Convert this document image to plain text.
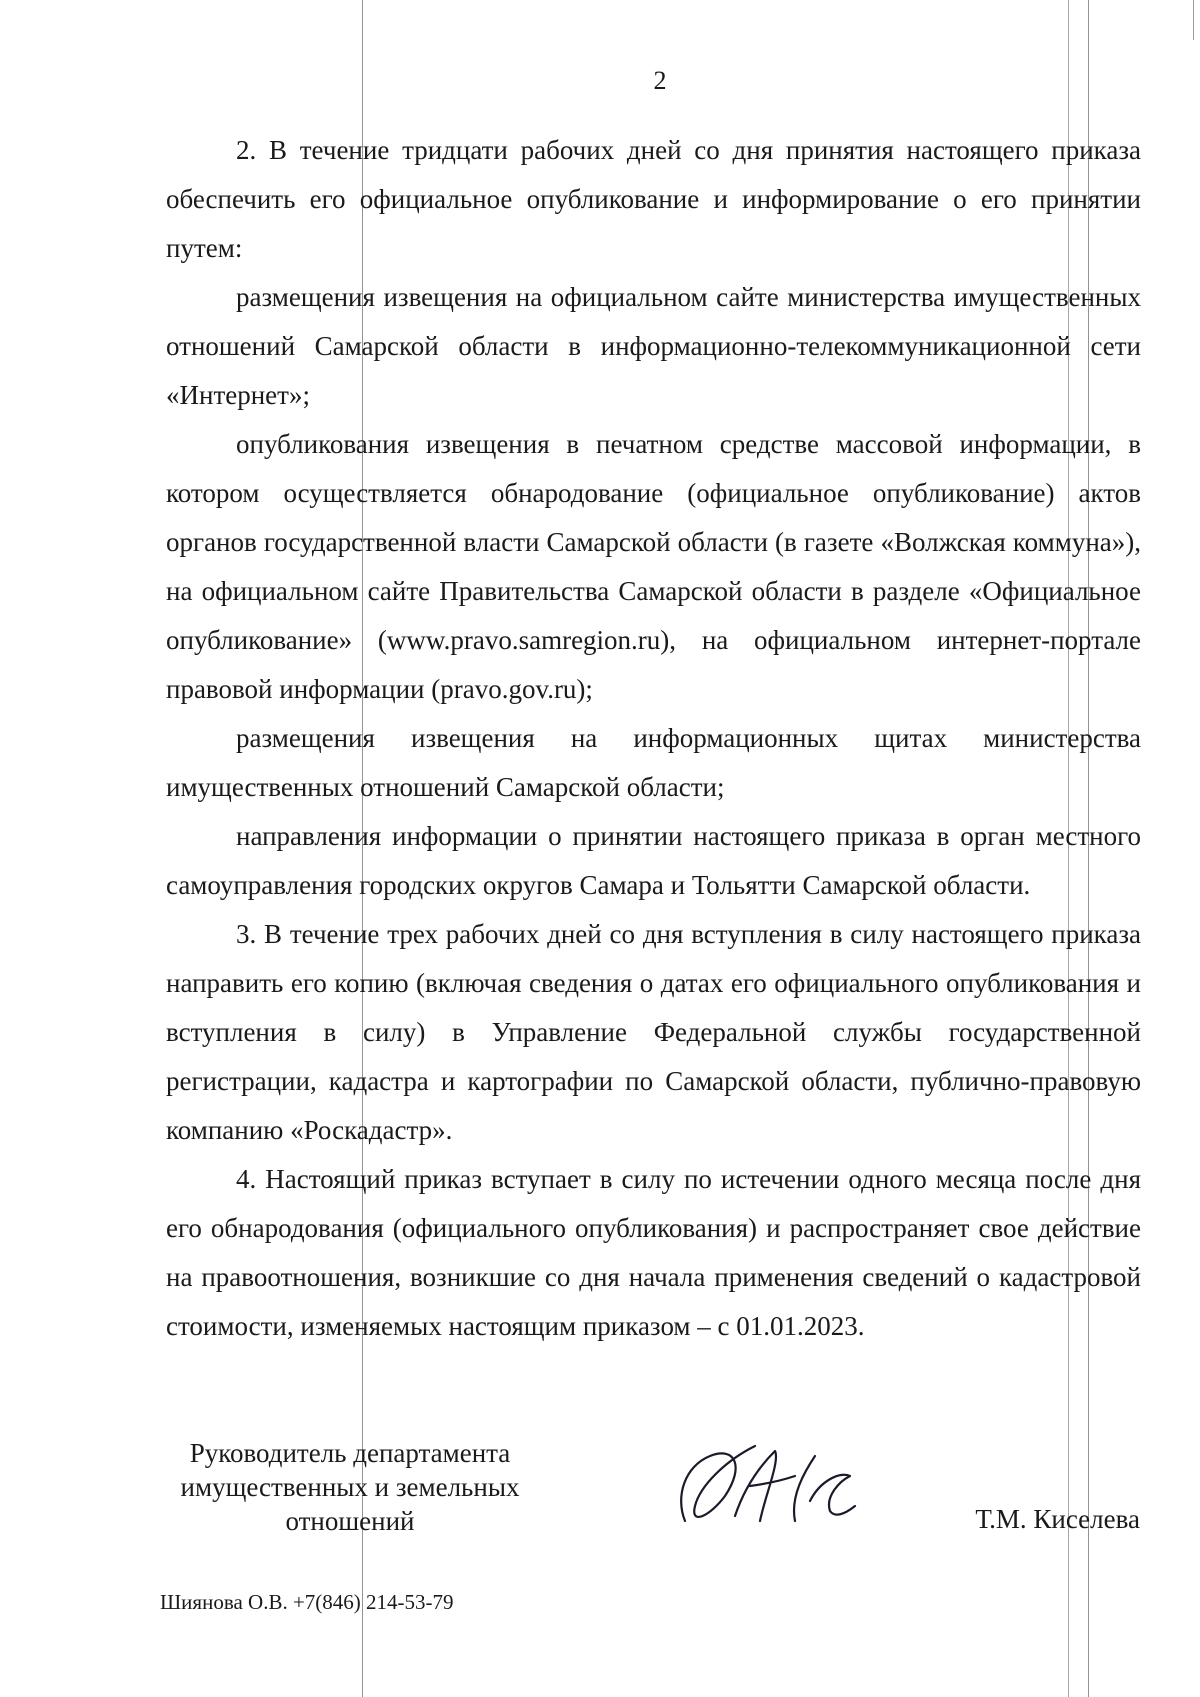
2

2. В течение тридцати рабочих дней со дня принятия настоящего приказа обеспечить его официальное опубликование и информирование о его принятии путем:

размещения извещения на официальном сайте министерства имущественных отношений Самарской области в информационно-телекоммуникационной сети «Интернет»;

опубликования извещения в печатном средстве массовой информации, в котором осуществляется обнародование (официальное опубликование) актов органов государственной власти Самарской области (в газете «Волжская коммуна»), на официальном сайте Правительства Самарской области в разделе «Официальное опубликование» (www.pravo.samregion.ru), на официальном интернет-портале правовой информации (pravo.gov.ru);

размещения извещения на информационных щитах министерства имущественных отношений Самарской области;

направления информации о принятии настоящего приказа в орган местного самоуправления городских округов Самара и Тольятти Самарской области.

3. В течение трех рабочих дней со дня вступления в силу настоящего приказа направить его копию (включая сведения о датах его официального опубликования и вступления в силу) в Управление Федеральной службы государственной регистрации, кадастра и картографии по Самарской области, публично-правовую компанию «Роскадастр».

4. Настоящий приказ вступает в силу по истечении одного месяца после дня его обнародования (официального опубликования) и распространяет свое действие на правоотношения, возникшие со дня начала применения сведений о кадастровой стоимости, изменяемых настоящим приказом – с 01.01.2023.

Руководитель департамента
имущественных и земельных
отношений	Т.М. Киселева
Шиянова О.В. +7(846) 214-53-79
